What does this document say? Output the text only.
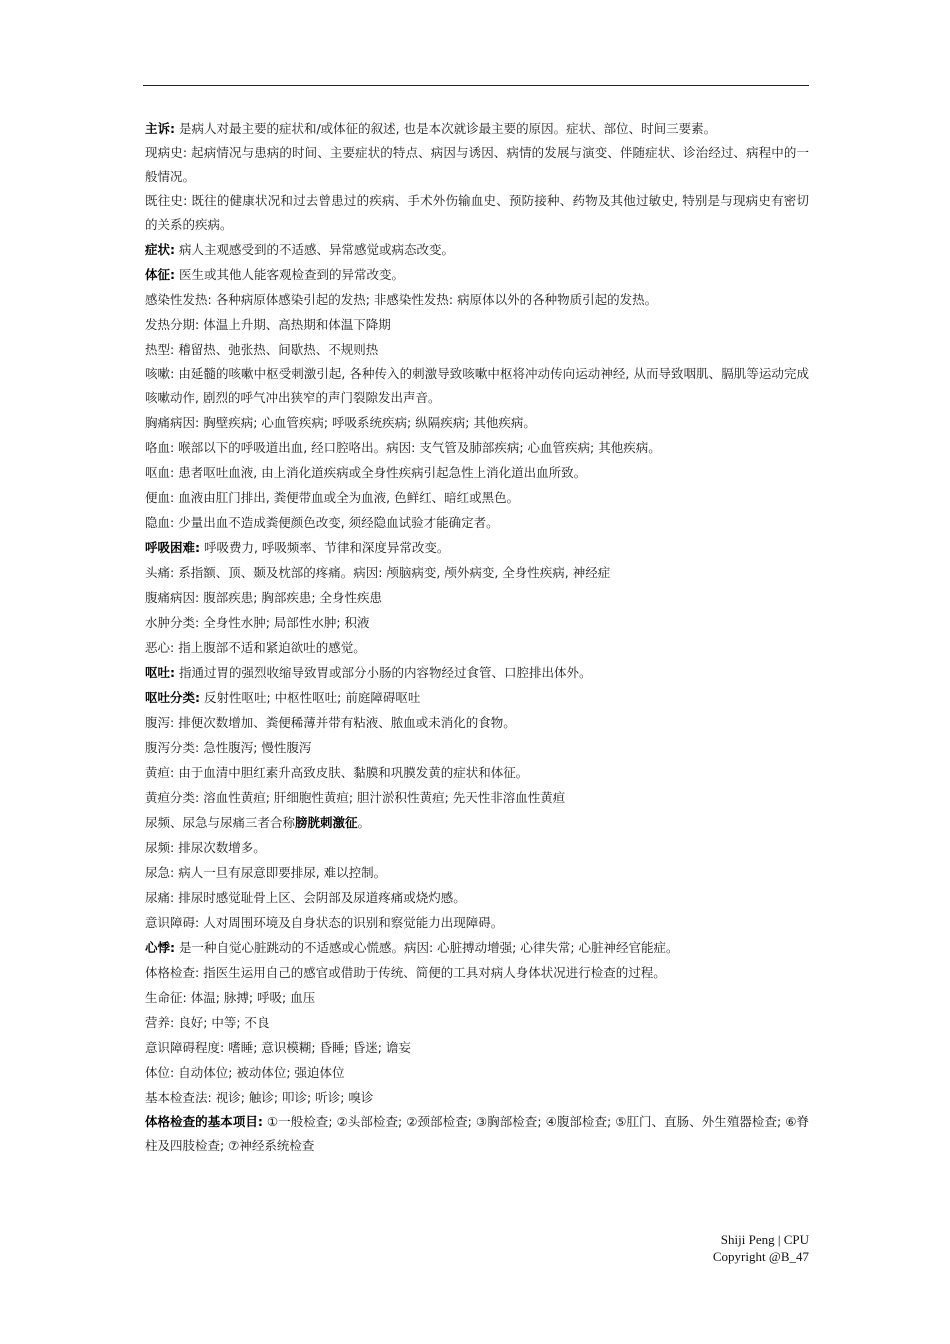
主诉: 是病人对最主要的症状和/或体征的叙述, 也是本次就诊最主要的原因。症状、部位、时间三要素。
现病史: 起病情况与患病的时间、主要症状的特点、病因与诱因、病情的发展与演变、伴随症状、诊治经过、病程中的一般情况。
既往史: 既往的健康状况和过去曾患过的疾病、手术外伤输血史、预防接种、药物及其他过敏史, 特别是与现病史有密切的关系的疾病。
症状: 病人主观感受到的不适感、异常感觉或病态改变。
体征: 医生或其他人能客观检查到的异常改变。
感染性发热: 各种病原体感染引起的发热; 非感染性发热: 病原体以外的各种物质引起的发热。
发热分期: 体温上升期、高热期和体温下降期
热型: 稽留热、弛张热、间歇热、不规则热
咳嗽: 由延髓的咳嗽中枢受刺激引起, 各种传入的刺激导致咳嗽中枢将冲动传向运动神经, 从而导致咽肌、膈肌等运动完成咳嗽动作, 剧烈的呼气冲出狭窄的声门裂隙发出声音。
胸痛病因: 胸壁疾病; 心血管疾病; 呼吸系统疾病; 纵隔疾病; 其他疾病。
咯血: 喉部以下的呼吸道出血, 经口腔咯出。病因: 支气管及肺部疾病; 心血管疾病; 其他疾病。
呕血: 患者呕吐血液, 由上消化道疾病或全身性疾病引起急性上消化道出血所致。
便血: 血液由肛门排出, 粪便带血或全为血液, 色鲜红、暗红或黑色。
隐血: 少量出血不造成粪便颜色改变, 须经隐血试验才能确定者。
呼吸困难: 呼吸费力, 呼吸频率、节律和深度异常改变。
头痛: 系指额、顶、颞及枕部的疼痛。病因: 颅脑病变, 颅外病变, 全身性疾病, 神经症
腹痛病因: 腹部疾患; 胸部疾患; 全身性疾患
水肿分类: 全身性水肿; 局部性水肿; 积液
恶心: 指上腹部不适和紧迫欲吐的感觉。
呕吐: 指通过胃的强烈收缩导致胃或部分小肠的内容物经过食管、口腔排出体外。
呕吐分类: 反射性呕吐; 中枢性呕吐; 前庭障碍呕吐
腹泻: 排便次数增加、粪便稀薄并带有粘液、脓血或未消化的食物。
腹泻分类: 急性腹泻; 慢性腹泻
黄疸: 由于血清中胆红素升高致皮肤、黏膜和巩膜发黄的症状和体征。
黄疸分类: 溶血性黄疸; 肝细胞性黄疸; 胆汁淤积性黄疸; 先天性非溶血性黄疸
尿频、尿急与尿痛三者合称膀胱刺激征。
尿频: 排尿次数增多。
尿急: 病人一旦有尿意即要排尿, 难以控制。
尿痛: 排尿时感觉耻骨上区、会阴部及尿道疼痛或烧灼感。
意识障碍: 人对周围环境及自身状态的识别和察觉能力出现障碍。
心悸: 是一种自觉心脏跳动的不适感或心慌感。病因: 心脏搏动增强; 心律失常; 心脏神经官能症。
体格检查: 指医生运用自己的感官或借助于传统、简便的工具对病人身体状况进行检查的过程。
生命征: 体温; 脉搏; 呼吸; 血压
营养: 良好; 中等; 不良
意识障碍程度: 嗜睡; 意识模糊; 昏睡; 昏迷; 谵妄
体位: 自动体位; 被动体位; 强迫体位
基本检查法: 视诊; 触诊; 叩诊; 听诊; 嗅诊
体格检查的基本项目: ①一般检查; ②头部检查; ②颈部检查; ③胸部检查; ④腹部检查; ⑤肛门、直肠、外生殖器检查; ⑥脊柱及四肢检查; ⑦神经系统检查
Shiji Peng | CPU
Copyright @B_47
